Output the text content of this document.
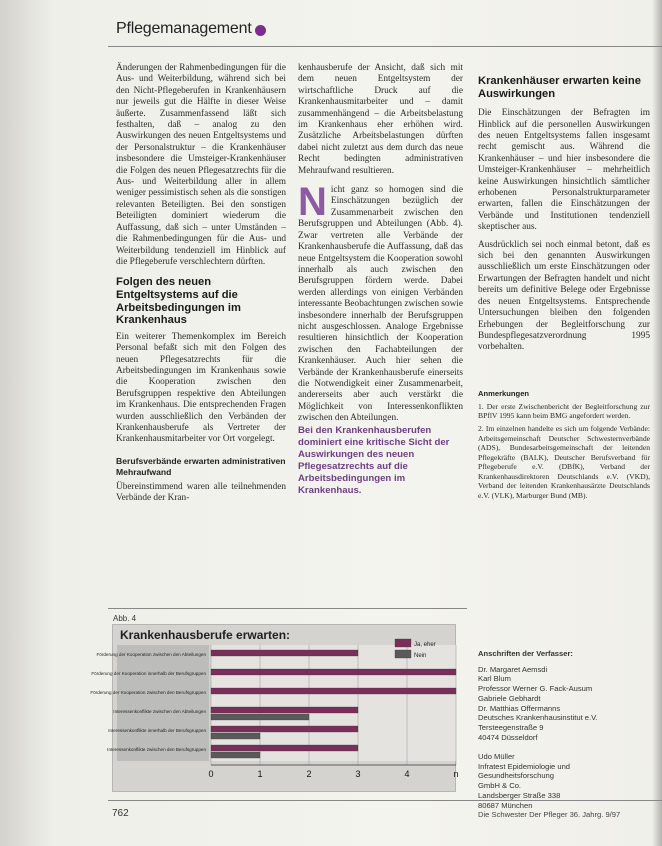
Pflegemanagement

Änderungen der Rahmenbedingungen für die Aus- und Weiterbildung, während sich bei den Nicht-Pflegeberufen in Krankenhäusern nur jeweils gut die Hälfte in dieser Weise äußerte. Zusammenfassend läßt sich festhalten, daß – analog zu den Auswirkungen des neuen Entgeltsystems und der Personalstruktur – die Krankenhäuser insbesondere die Umsteiger-Krankenhäuser die Folgen des neuen Pflegesatzrechts für die Aus- und Weiterbildung aller in allem weniger pessimistisch sehen als die sonstigen relevanten Beteiligten. Bei den sonstigen Beteiligten dominiert wiederum die Auffassung, daß sich – unter Umständen – die Rahmenbedingungen für die Aus- und Weiterbildung tendenziell im Hinblick auf die Pflegeberufe verschlechtern dürften.

Folgen des neuen Entgeltsystems auf die Arbeitsbedingungen im Krankenhaus

Ein weiterer Themenkomplex im Bereich Personal befaßt sich mit den Folgen des neuen Pflegesatzrechts für die Arbeitsbedingungen im Krankenhaus sowie die Kooperation zwischen den Berufsgruppen respektive den Abteilungen im Krankenhaus. Die entsprechenden Fragen wurden ausschließlich den Verbänden der Krankenhausberufe als Vertreter der Krankenhausmitarbeiter vor Ort vorgelegt.

Berufsverbände erwarten administrativen Mehraufwand

Übereinstimmend waren alle teilnehmenden Verbände der Kran-

kenhausberufe der Ansicht, daß sich mit dem neuen Entgeltsystem der wirtschaftliche Druck auf die Krankenhausmitarbeiter und – damit zusammenhängend – die Arbeitsbelastung im Krankenhaus eher erhöhen wird. Zusätzliche Arbeitsbelastungen dürften dabei nicht zuletzt aus dem durch das neue Recht bedingten administrativen Mehraufwand resultieren.

Nicht ganz so homogen sind die Einschätzungen bezüglich der Zusammenarbeit zwischen den Berufsgruppen und Abteilungen (Abb. 4). Zwar vertreten alle Verbände der Krankenhausberufe die Auffassung, daß das neue Entgeltsystem die Kooperation sowohl innerhalb als auch zwischen den Berufsgruppen fördern werde. Dabei werden allerdings von einigen Verbänden interessante Beobachtungen zwischen sowie insbesondere innerhalb der Berufsgruppen nicht ausgeschlossen. Analoge Ergebnisse resultieren hinsichtlich der Kooperation zwischen den Fachabteilungen der Krankenhäuser. Auch hier sehen die Verbände der Krankenhausberufe einerseits die Notwendigkeit einer Zusammenarbeit, andererseits aber auch verstärkt die Möglichkeit von Interessenkonflikten zwischen den Abteilungen.

Bei den Krankenhausberufen dominiert eine kritische Sicht der Auswirkungen des neuen Pflegesatzrechts auf die Arbeitsbedingungen im Krankenhaus.

Krankenhäuser erwarten keine Auswirkungen

Die Einschätzungen der Befragten im Hinblick auf die personellen Auswirkungen des neuen Entgeltsystems fallen insgesamt recht gemischt aus. Während die Krankenhäuser – und hier insbesondere die Umsteiger-Krankenhäuser – mehrheitlich keine Auswirkungen hinsichtlich sämtlicher erhobenen Personalstrukturparameter erwarten, fallen die Einschätzungen der Verbände und Institutionen tendenziell skeptischer aus.

Ausdrücklich sei noch einmal betont, daß es sich bei den genannten Auswirkungen ausschließlich um erste Einschätzungen oder Erwartungen der Befragten handelt und nicht bereits um definitive Belege oder Ergebnisse des neuen Entgeltsystems. Entsprechende Untersuchungen bleiben den folgenden Erhebungen der Begleitforschung zur Bundespflegesatzverordnung 1995 vorbehalten.

Anmerkungen

1. Der erste Zwischenbericht der Begleitforschung zur BPflV 1995 kann beim BMG angefordert werden.

2. Im einzelnen handelte es sich um folgende Verbände: Arbeitsgemeinschaft Deutscher Schwesternverbände (ADS), Bundesarbeitsgemeinschaft der leitenden Pflegekräfte (BALK), Deutscher Berufsverband für Pflegeberufe e.V. (DBfK), Verband der Krankenhausdirektoren Deutschlands e.V. (VKD), Verband der leitenden Krankenhausärzte Deutschlands e.V. (VLK), Marburger Bund (MB).

Abb. 4
Krankenhausberufe erwarten:
Förderung der Kooperation zwischen den Abteilungen
Förderung der Kooperation innerhalb der Berufsgruppen
Förderung der Kooperation zwischen den Berufsgruppen
Interessenkonflikte zwischen den Abteilungen
Interessenkonflikte innerhalb der Berufsgruppen
Interessenkonflikte zwischen den Berufsgruppen
0	1	2	3	4	n
Ja, eher
Nein	Anschriften der Verfasser:

Dr. Margaret Aemsdi

Karl Blum

Professor Werner G. Fack-Ausum

Gabriele Gebhardt

Dr. Matthias Offermanns

Deutsches Krankenhausinstitut e.V.

Tersteegenstraße 9

40474 Düsseldorf

Udo Müller

Infratest Epidemiologie und

Gesundheitsforschung

GmbH & Co.

Landsberger Straße 338

80687 München

762	Die Schwester Der Pfleger 36. Jahrg. 9/97
